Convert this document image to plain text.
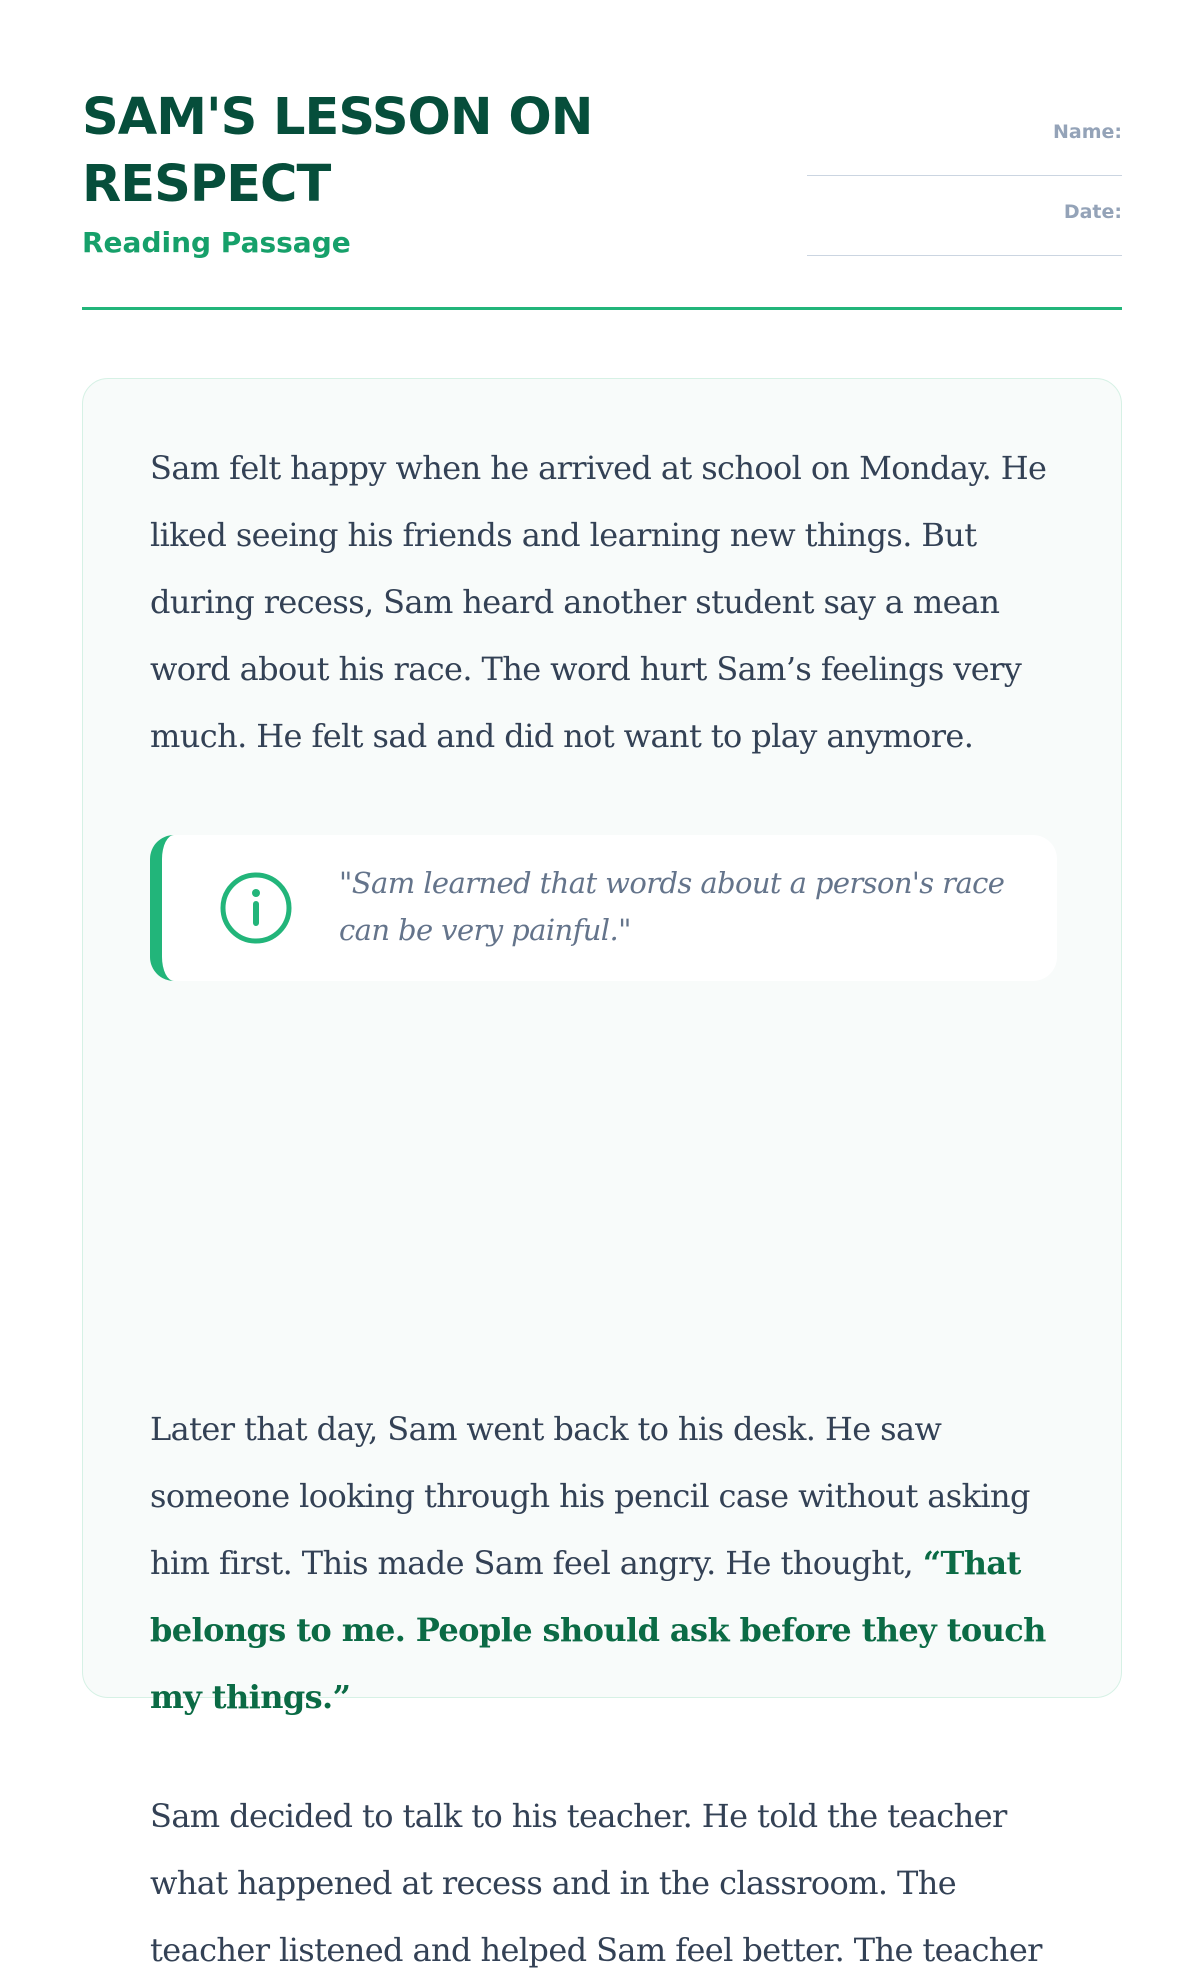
SAM'S LESSON ON RESPECT

Reading Passage

Name:
Date:

Sam felt happy when he arrived at school on Monday. He liked seeing his friends and learning new things. But during recess, Sam heard another student say a mean word about his race. The word hurt Sam’s feelings very much. He felt sad and did not want to play anymore.

"Sam learned that words about a person's race can be very painful."

Later that day, Sam went back to his desk. He saw someone looking through his pencil case without asking him first. This made Sam feel angry. He thought, “That belongs to me. People should ask before they touch my things.”

Sam decided to talk to his teacher. He told the teacher what happened at recess and in the classroom. The teacher listened and helped Sam feel better. The teacher
